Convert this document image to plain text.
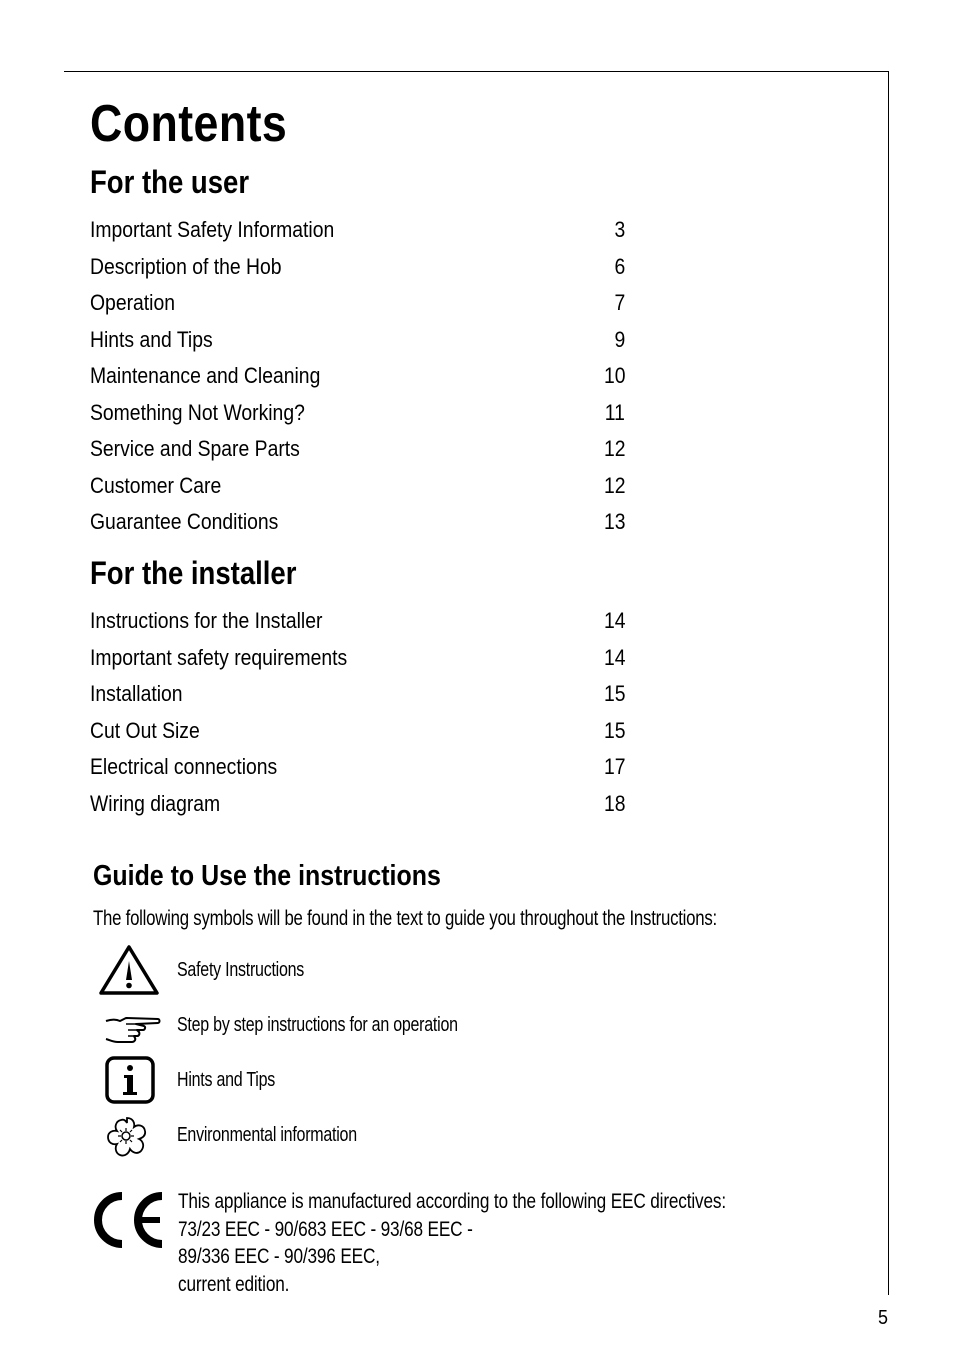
Contents
For the user
Important Safety Information	3
Description of the Hob	6
Operation	7
Hints and Tips	9
Maintenance and Cleaning	10
Something Not Working?	11
Service and Spare Parts	12
Customer Care	12
Guarantee Conditions	13
For the installer
Instructions for the Installer	14
Important safety requirements	14
Installation	15
Cut Out Size	15
Electrical connections	17
Wiring diagram	18
Guide to Use the instructions

The following symbols will be found in the text to guide you throughout the Instructions:

Safety Instructions
Step by step instructions for an operation
Hints and Tips
Environmental information
This appliance is manufactured according to the following EEC directives:
73/23 EEC - 90/683 EEC - 93/68 EEC -
89/336 EEC - 90/396 EEC,
current edition.
5
